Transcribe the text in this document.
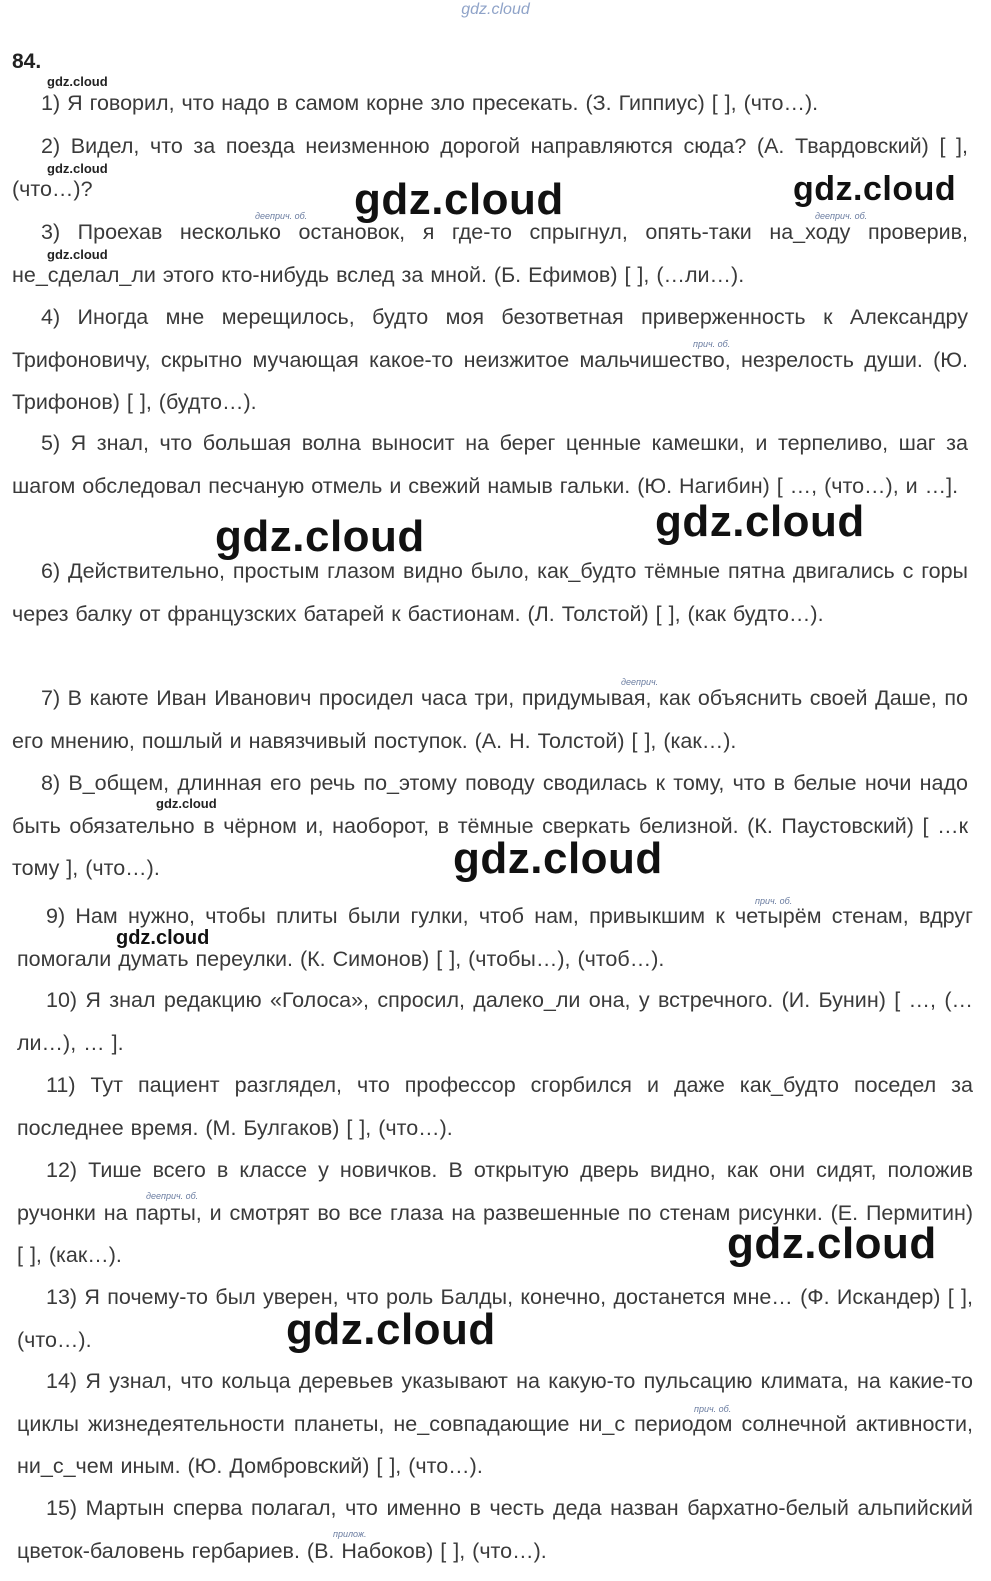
gdz.cloud
84.
1) Я говорил, что надо в самом корне зло пресекать. (З. Гиппиус) [ ], (что…).
2) Видел, что за поезда неизменною дорогой направляются сюда? (А. Твардовский) [ ], (что…)?
3) Проехав несколько остановок, я где-то спрыгнул, опять-таки на_ходу проверив, не_сделал_ли этого кто-нибудь вслед за мной. (Б. Ефимов) [ ], (…ли…).
4) Иногда мне мерещилось, будто моя безответная приверженность к Александру Трифоновичу, скрытно мучающая какое-то неизжитое мальчишество, незрелость души. (Ю. Трифонов) [ ], (будто…).
5) Я знал, что большая волна выносит на берег ценные камешки, и терпеливо, шаг за шагом обследовал песчаную отмель и свежий намыв гальки. (Ю. Нагибин) [ …, (что…), и …].
6) Действительно, простым глазом видно было, как_будто тёмные пятна двигались с горы через балку от французских батарей к бастионам. (Л. Толстой) [ ], (как будто…).
7) В каюте Иван Иванович просидел часа три, придумывая, как объяснить своей Даше, по его мнению, пошлый и навязчивый поступок. (А. Н. Толстой) [ ], (как…).
8) В_общем, длинная его речь по_этому поводу сводилась к тому, что в белые ночи надо быть обязательно в чёрном и, наоборот, в тёмные сверкать белизной. (К. Паустовский) [ …к тому ], (что…).
9) Нам нужно, чтобы плиты были гулки, чтоб нам, привыкшим к четырём стенам, вдруг помогали думать переулки. (К. Симонов) [ ], (чтобы…), (чтоб…).
10) Я знал редакцию «Голоса», спросил, далеко_ли она, у встречного. (И. Бунин) [ …, (…ли…), … ].
11) Тут пациент разглядел, что профессор сгорбился и даже как_будто поседел за последнее время. (М. Булгаков) [ ], (что…).
12) Тише всего в классе у новичков. В открытую дверь видно, как они сидят, положив ручонки на парты, и смотрят во все глаза на развешенные по стенам рисунки. (Е. Пермитин) [ ], (как…).
13) Я почему-то был уверен, что роль Балды, конечно, достанется мне… (Ф. Искандер) [ ], (что…).
14) Я узнал, что кольца деревьев указывают на какую-то пульсацию климата, на какие-то циклы жизнедеятельности планеты, не_совпадающие ни_с периодом солнечной активности, ни_с_чем иным. (Ю. Домбровский) [ ], (что…).
15) Мартын сперва полагал, что именно в честь деда назван бархатно-белый альпийский цветок-баловень гербариев. (В. Набоков) [ ], (что…).
gdz.cloud
gdz.cloud
gdz.cloud
gdz.cloud
gdz.cloud
gdz.cloud	gdz.cloud
gdz.cloud	gdz.cloud
gdz.cloud
gdz.cloud
gdz.cloud
дееприч. об.	дееприч. об.
прич. об.
дееприч.
прич. об.
дееприч. об.
прич. об.
прилож.
